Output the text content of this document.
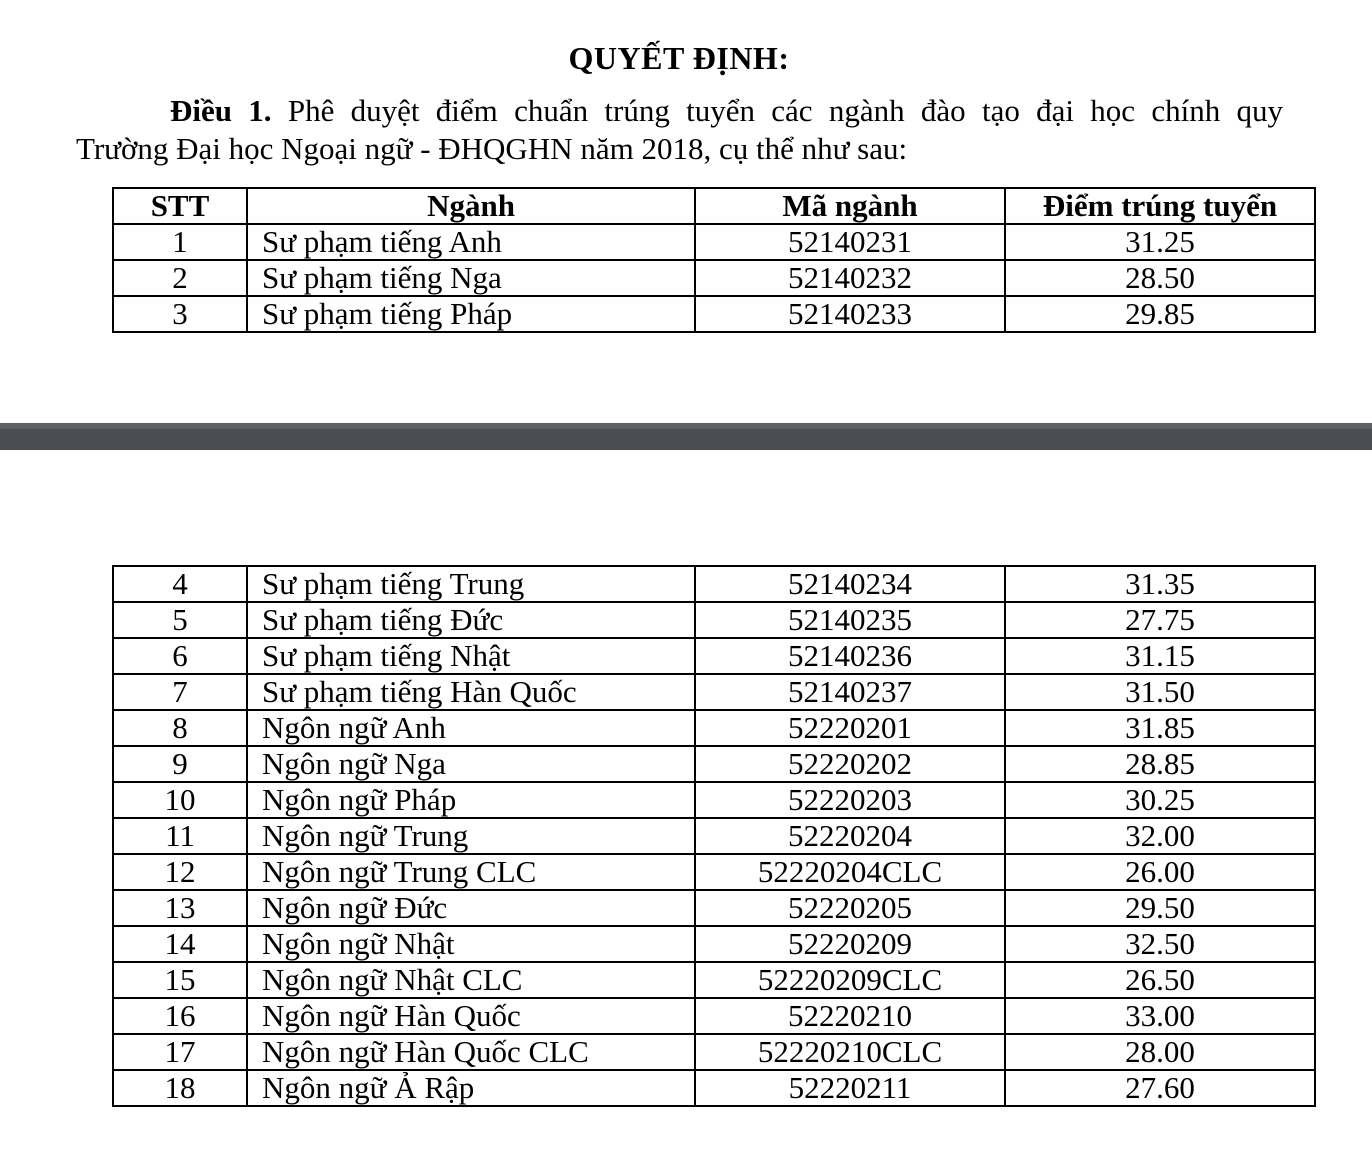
QUYẾT ĐỊNH:
Điều 1. Phê duyệt điểm chuẩn trúng tuyển các ngành đào tạo đại học chính quy
Trường Đại học Ngoại ngữ - ĐHQGHN năm 2018, cụ thể như sau:
STT	Ngành	Mã ngành	Điểm trúng tuyển
1	Sư phạm tiếng Anh	52140231	31.25
2	Sư phạm tiếng Nga	52140232	28.50
3	Sư phạm tiếng Pháp	52140233	29.85
4	Sư phạm tiếng Trung	52140234	31.35
5	Sư phạm tiếng Đức	52140235	27.75
6	Sư phạm tiếng Nhật	52140236	31.15
7	Sư phạm tiếng Hàn Quốc	52140237	31.50
8	Ngôn ngữ Anh	52220201	31.85
9	Ngôn ngữ Nga	52220202	28.85
10	Ngôn ngữ Pháp	52220203	30.25
11	Ngôn ngữ Trung	52220204	32.00
12	Ngôn ngữ Trung CLC	52220204CLC	26.00
13	Ngôn ngữ Đức	52220205	29.50
14	Ngôn ngữ Nhật	52220209	32.50
15	Ngôn ngữ Nhật CLC	52220209CLC	26.50
16	Ngôn ngữ Hàn Quốc	52220210	33.00
17	Ngôn ngữ Hàn Quốc CLC	52220210CLC	28.00
18	Ngôn ngữ Ả Rập	52220211	27.60
